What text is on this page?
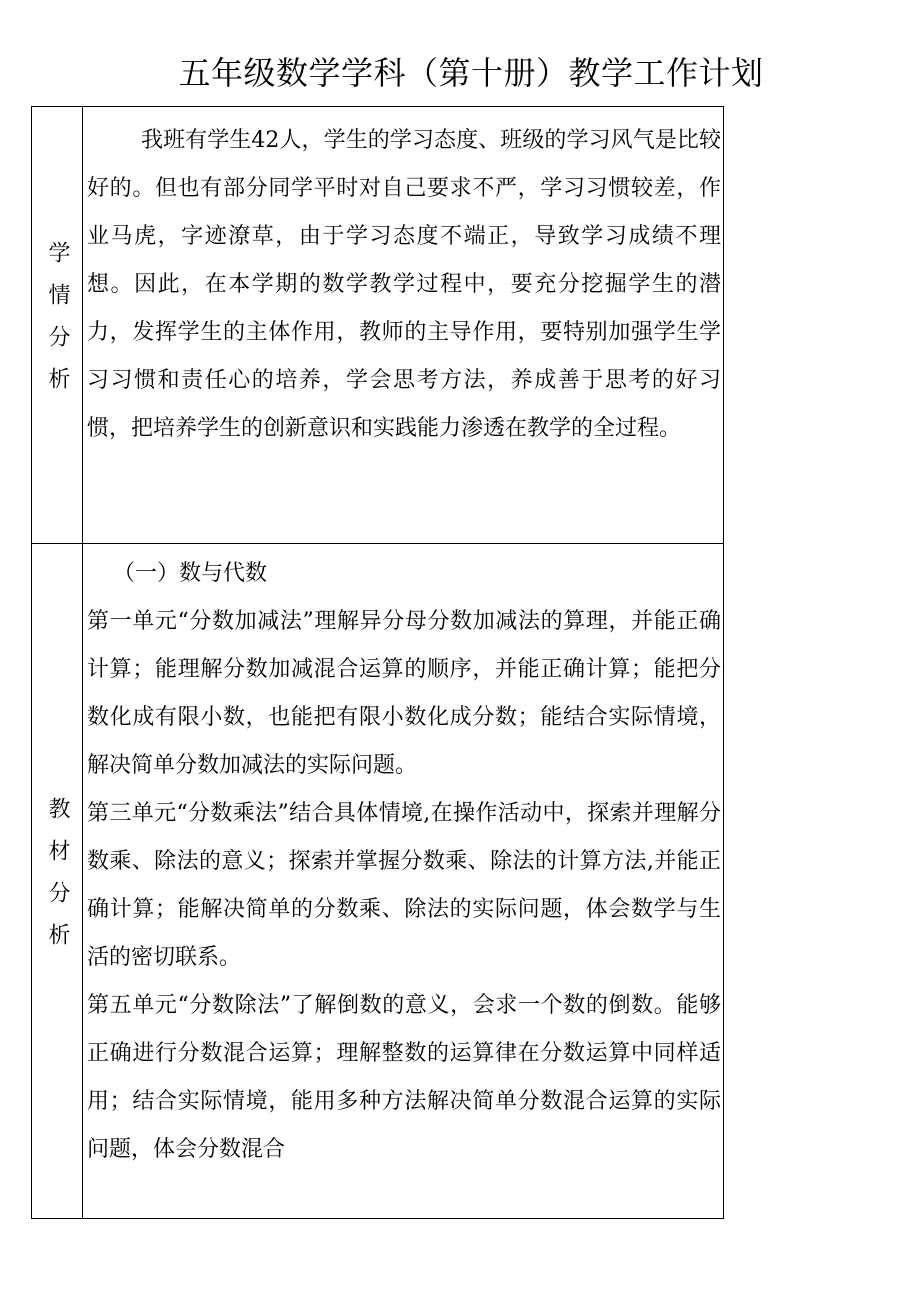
五年级数学学科（第十册）教学工作计划
学情分析

我班有学生42人，学生的学习态度、班级的学习风气是比较好的。但也有部分同学平时对自己要求不严，学习习惯较差，作业马虎，字迹潦草，由于学习态度不端正，导致学习成绩不理想。因此，在本学期的数学教学过程中，要充分挖掘学生的潜力，发挥学生的主体作用，教师的主导作用，要特别加强学生学习习惯和责任心的培养，学会思考方法，养成善于思考的好习惯，把培养学生的创新意识和实践能力渗透在教学的全过程。

教材分析

（一）数与代数

第一单元“分数加减法”理解异分母分数加减法的算理，并能正确计算；能理解分数加减混合运算的顺序，并能正确计算；能把分数化成有限小数，也能把有限小数化成分数；能结合实际情境，解决简单分数加减法的实际问题。

第三单元“分数乘法”结合具体情境,在操作活动中，探索并理解分数乘、除法的意义；探索并掌握分数乘、除法的计算方法,并能正确计算；能解决简单的分数乘、除法的实际问题，体会数学与生活的密切联系。

第五单元“分数除法”了解倒数的意义，会求一个数的倒数。能够正确进行分数混合运算；理解整数的运算律在分数运算中同样适用；结合实际情境，能用多种方法解决简单分数混合运算的实际问题，体会分数混合
